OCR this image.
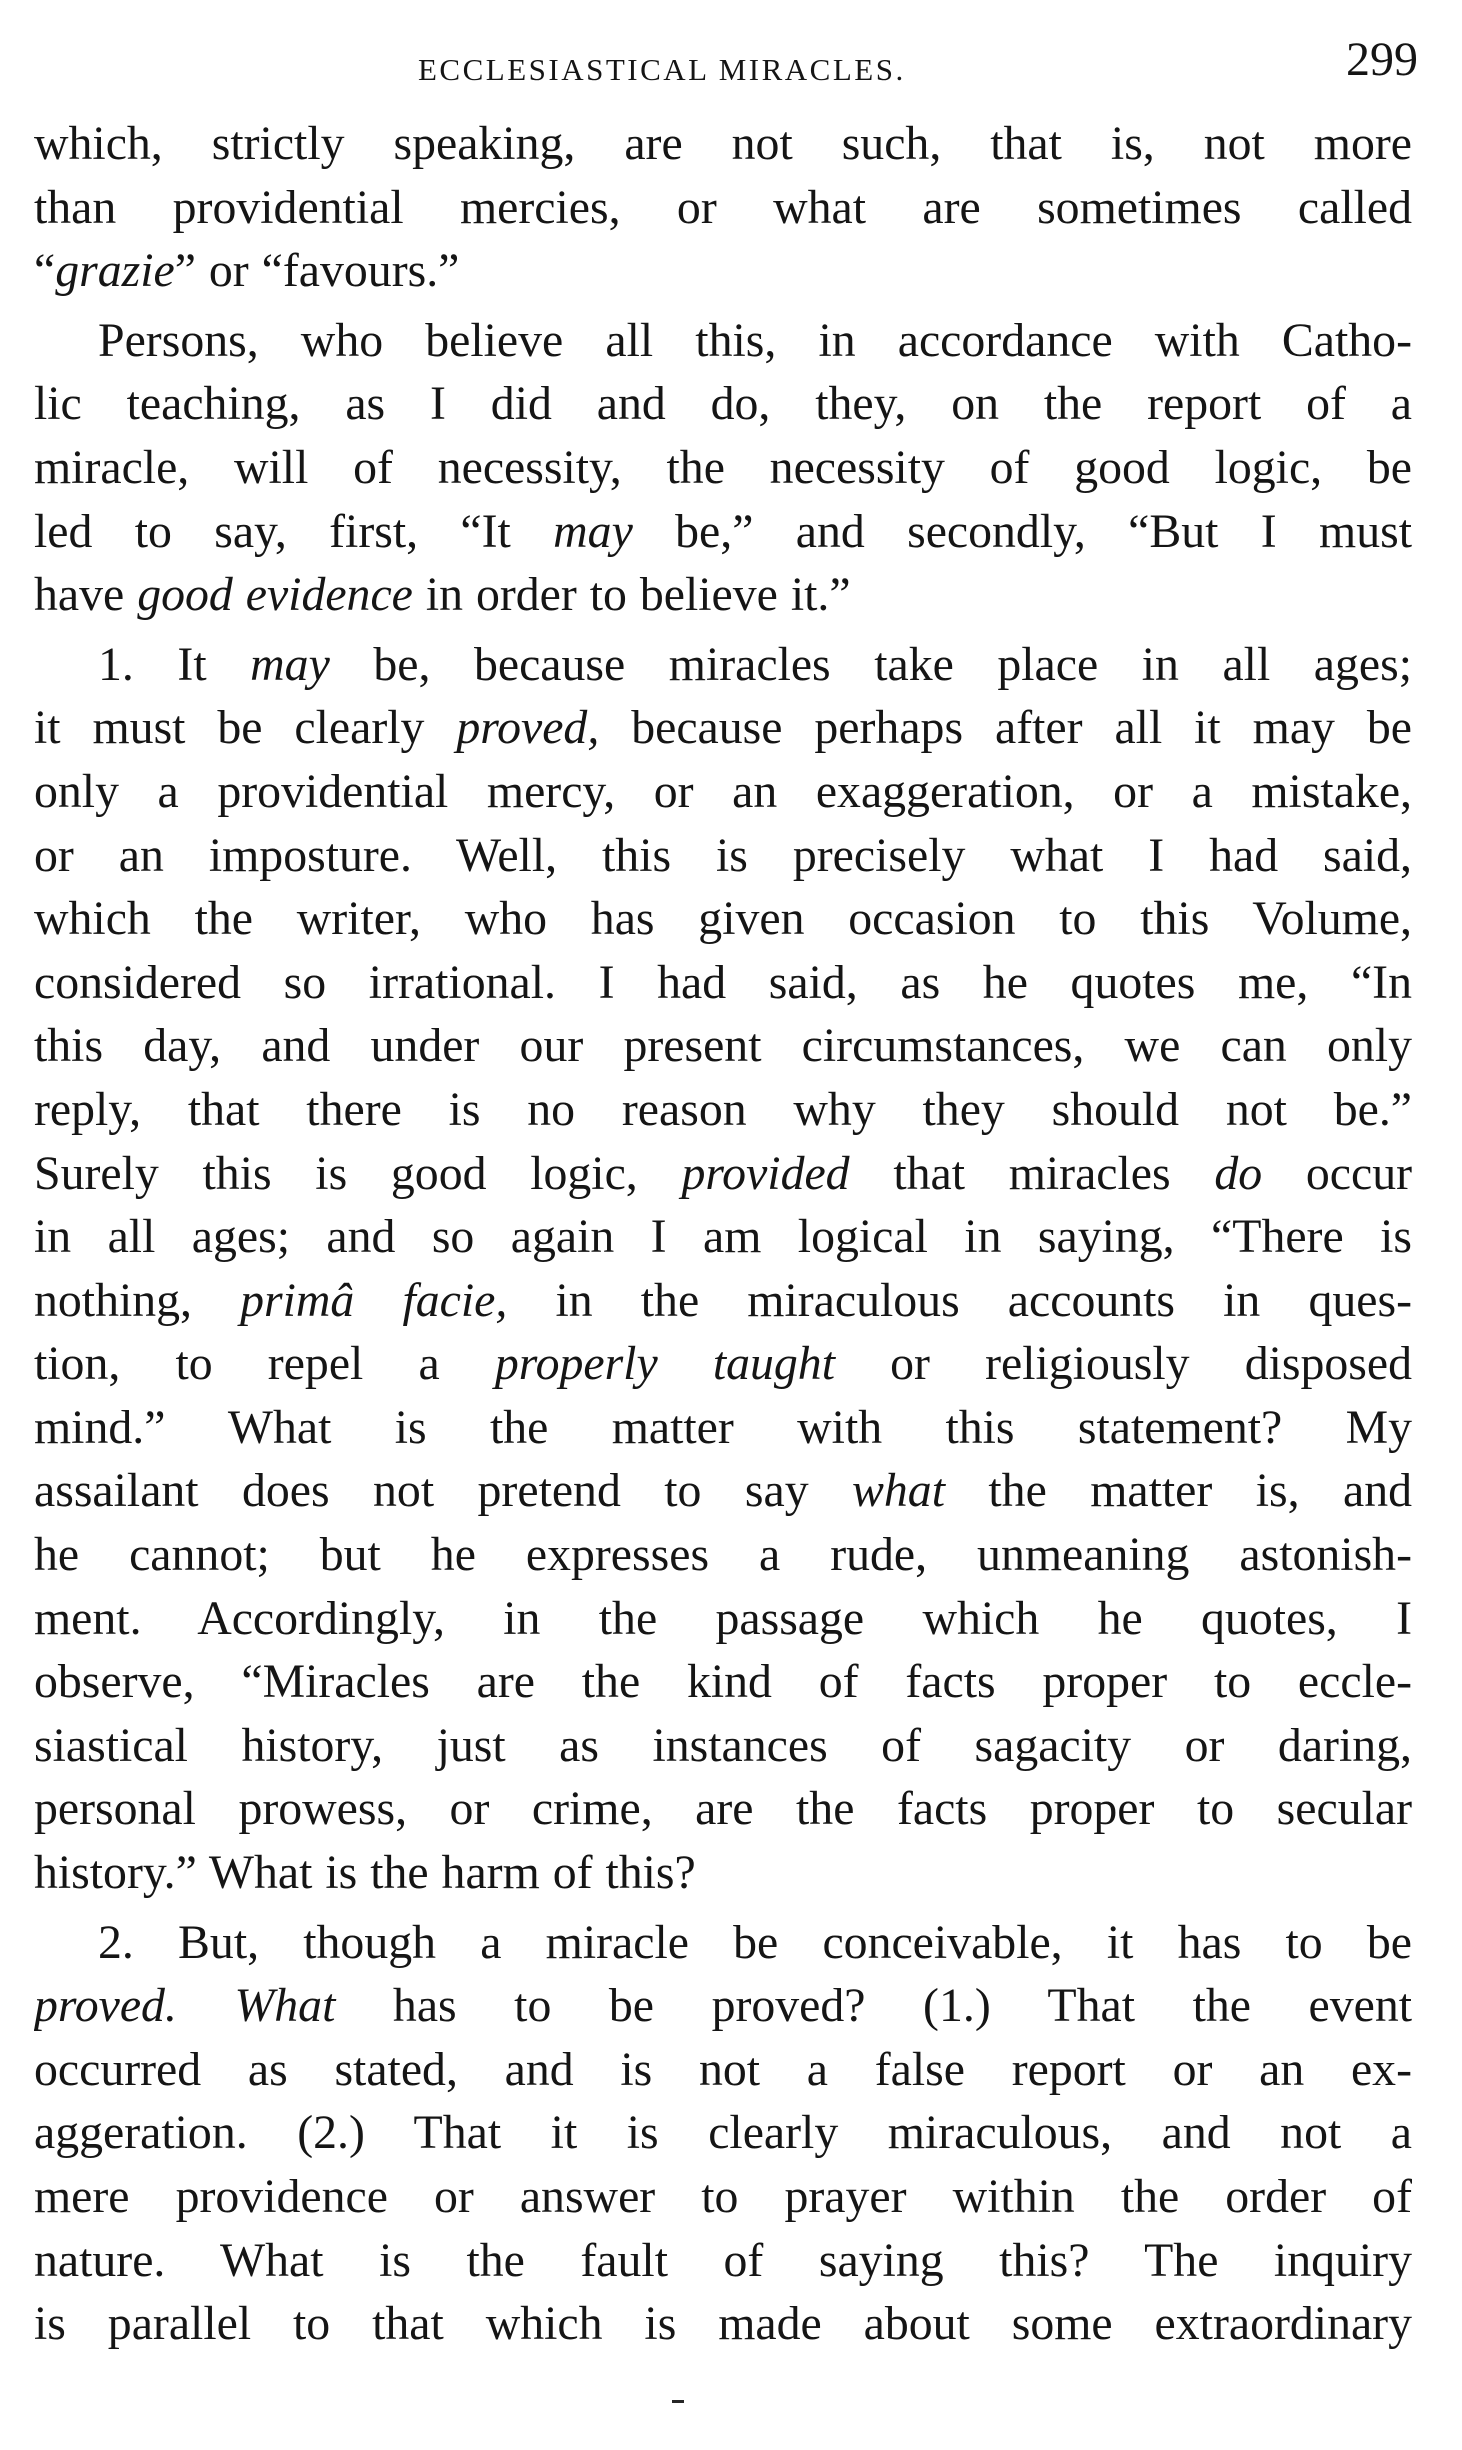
ECCLESIASTICAL MIRACLES.	299
which, strictly speaking, are not such, that is, not more
than providential mercies, or what are sometimes called
“grazie” or “favours.”
Persons, who believe all this, in accordance with Catho-
lic teaching, as I did and do, they, on the report of a
miracle, will of necessity, the necessity of good logic, be
led to say, first, “It may be,” and secondly, “But I must
have good evidence in order to believe it.”
1. It may be, because miracles take place in all ages;
it must be clearly proved, because perhaps after all it may be
only a providential mercy, or an exaggeration, or a mistake,
or an imposture. Well, this is precisely what I had said,
which the writer, who has given occasion to this Volume,
considered so irrational. I had said, as he quotes me, “In
this day, and under our present circumstances, we can only
reply, that there is no reason why they should not be.”
Surely this is good logic, provided that miracles do occur
in all ages; and so again I am logical in saying, “There is
nothing, primâ facie, in the miraculous accounts in ques-
tion, to repel a properly taught or religiously disposed
mind.” What is the matter with this statement? My
assailant does not pretend to say what the matter is, and
he cannot; but he expresses a rude, unmeaning astonish-
ment. Accordingly, in the passage which he quotes, I
observe, “Miracles are the kind of facts proper to eccle-
siastical history, just as instances of sagacity or daring,
personal prowess, or crime, are the facts proper to secular
history.” What is the harm of this?
2. But, though a miracle be conceivable, it has to be
proved. What has to be proved? (1.) That the event
occurred as stated, and is not a false report or an ex-
aggeration. (2.) That it is clearly miraculous, and not a
mere providence or answer to prayer within the order of
nature. What is the fault of saying this? The inquiry
is parallel to that which is made about some extraordinary
